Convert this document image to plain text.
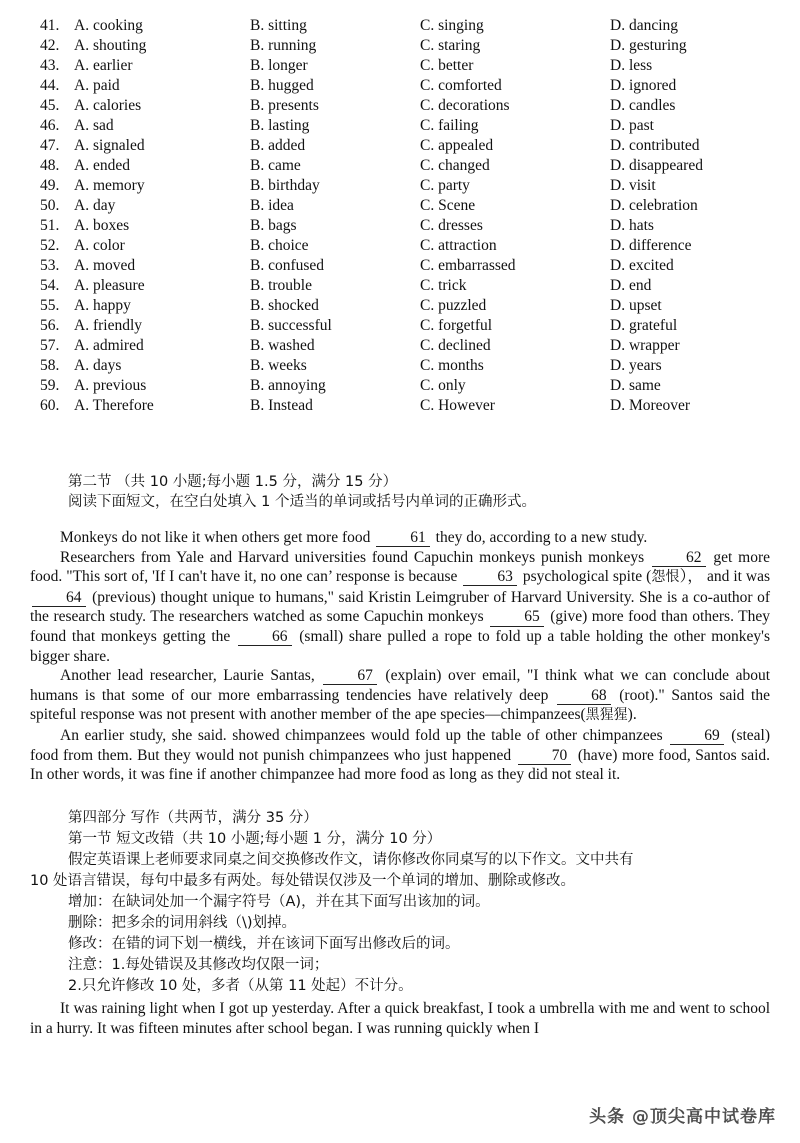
41. A. cooking	B. sitting	C. singing	D. dancing
42. A. shouting	B. running	C. staring	D. gesturing
43. A. earlier	B. longer	C. better	D. less
44. A. paid	B. hugged	C. comforted	D. ignored
45. A. calories	B. presents	C. decorations	D. candles
46. A. sad	B. lasting	C. failing	D. past
47. A. signaled	B. added	C. appealed	D. contributed
48. A. ended	B. came	C. changed	D. disappeared
49. A. memory	B. birthday	C. party	D. visit
50. A. day	B. idea	C. Scene	D. celebration
51. A. boxes	B. bags	C. dresses	D. hats
52. A. color	B. choice	C. attraction	D. difference
53. A. moved	B. confused	C. embarrassed	D. excited
54. A. pleasure	B. trouble	C. trick	D. end
55. A. happy	B. shocked	C. puzzled	D. upset
56. A. friendly	B. successful	C. forgetful	D. grateful
57. A. admired	B. washed	C. declined	D. wrapper
58. A. days	B. weeks	C. months	D. years
59. A. previous	B. annoying	C. only	D. same
60. A. Therefore	B. Instead	C. However	D. Moreover
第二节 （共 10 小题;每小题 1.5 分，满分 15 分）
阅读下面短文，在空白处填入 1 个适当的单词或括号内单词的正确形式。

Monkeys do not like it when others get more food	61 they do, according to a new study.

Researchers from Yale and Harvard universities found Capuchin monkeys punish monkeys	62 get more food. "This sort of, 'If I can't have it, no one can’ response is because	63 psychological spite (怨恨）， and it was64 (previous) thought unique to humans," said Kristin Leimgruber of Harvard University. She is a co-author of the research study. The researchers watched as some Capuchin monkeys	65 (give) more food than others. They found that monkeys getting the	66 (small) share pulled a rope to fold up a table holding the other monkey's bigger share.

Another lead researcher, Laurie Santas,	67 (explain) over email, "I think what we can conclude about humans is that some of our more embarrassing tendencies have relatively deep	68 (root)." Santos said the spiteful response was not present with another member of the ape species—chimpanzees(黑猩猩).

An earlier study, she said. showed chimpanzees would fold up the table of other chimpanzees	69 (steal) food from them. But they would not punish chimpanzees who just happened	70 (have) more food, Santos said. In other words, it was fine if another chimpanzee had more food as long as they did not steal it.

第四部分 写作（共两节，满分 35 分）
第一节 短文改错（共 10 小题;每小题 1 分，满分 10 分）
假定英语课上老师要求同桌之间交换修改作文，请你修改你同桌写的以下作文。文中共有
10 处语言错误，每句中最多有两处。每处错误仅涉及一个单词的增加、删除或修改。
增加：在缺词处加一个漏字符号（A)，并在其下面写出该加的词。
删除：把多余的词用斜线（\)划掉。
修改：在错的词下划一横线，并在该词下面写出修改后的词。
注意：1.每处错误及其修改均仅限一词；
2.只允许修改 10 处，多者（从第 11 处起）不计分。

It was raining light when I got up yesterday. After a quick breakfast, I took a umbrella with me and went to school in a hurry. It was fifteen minutes after school began. I was running quickly when I

头条 @顶尖高中试卷库
